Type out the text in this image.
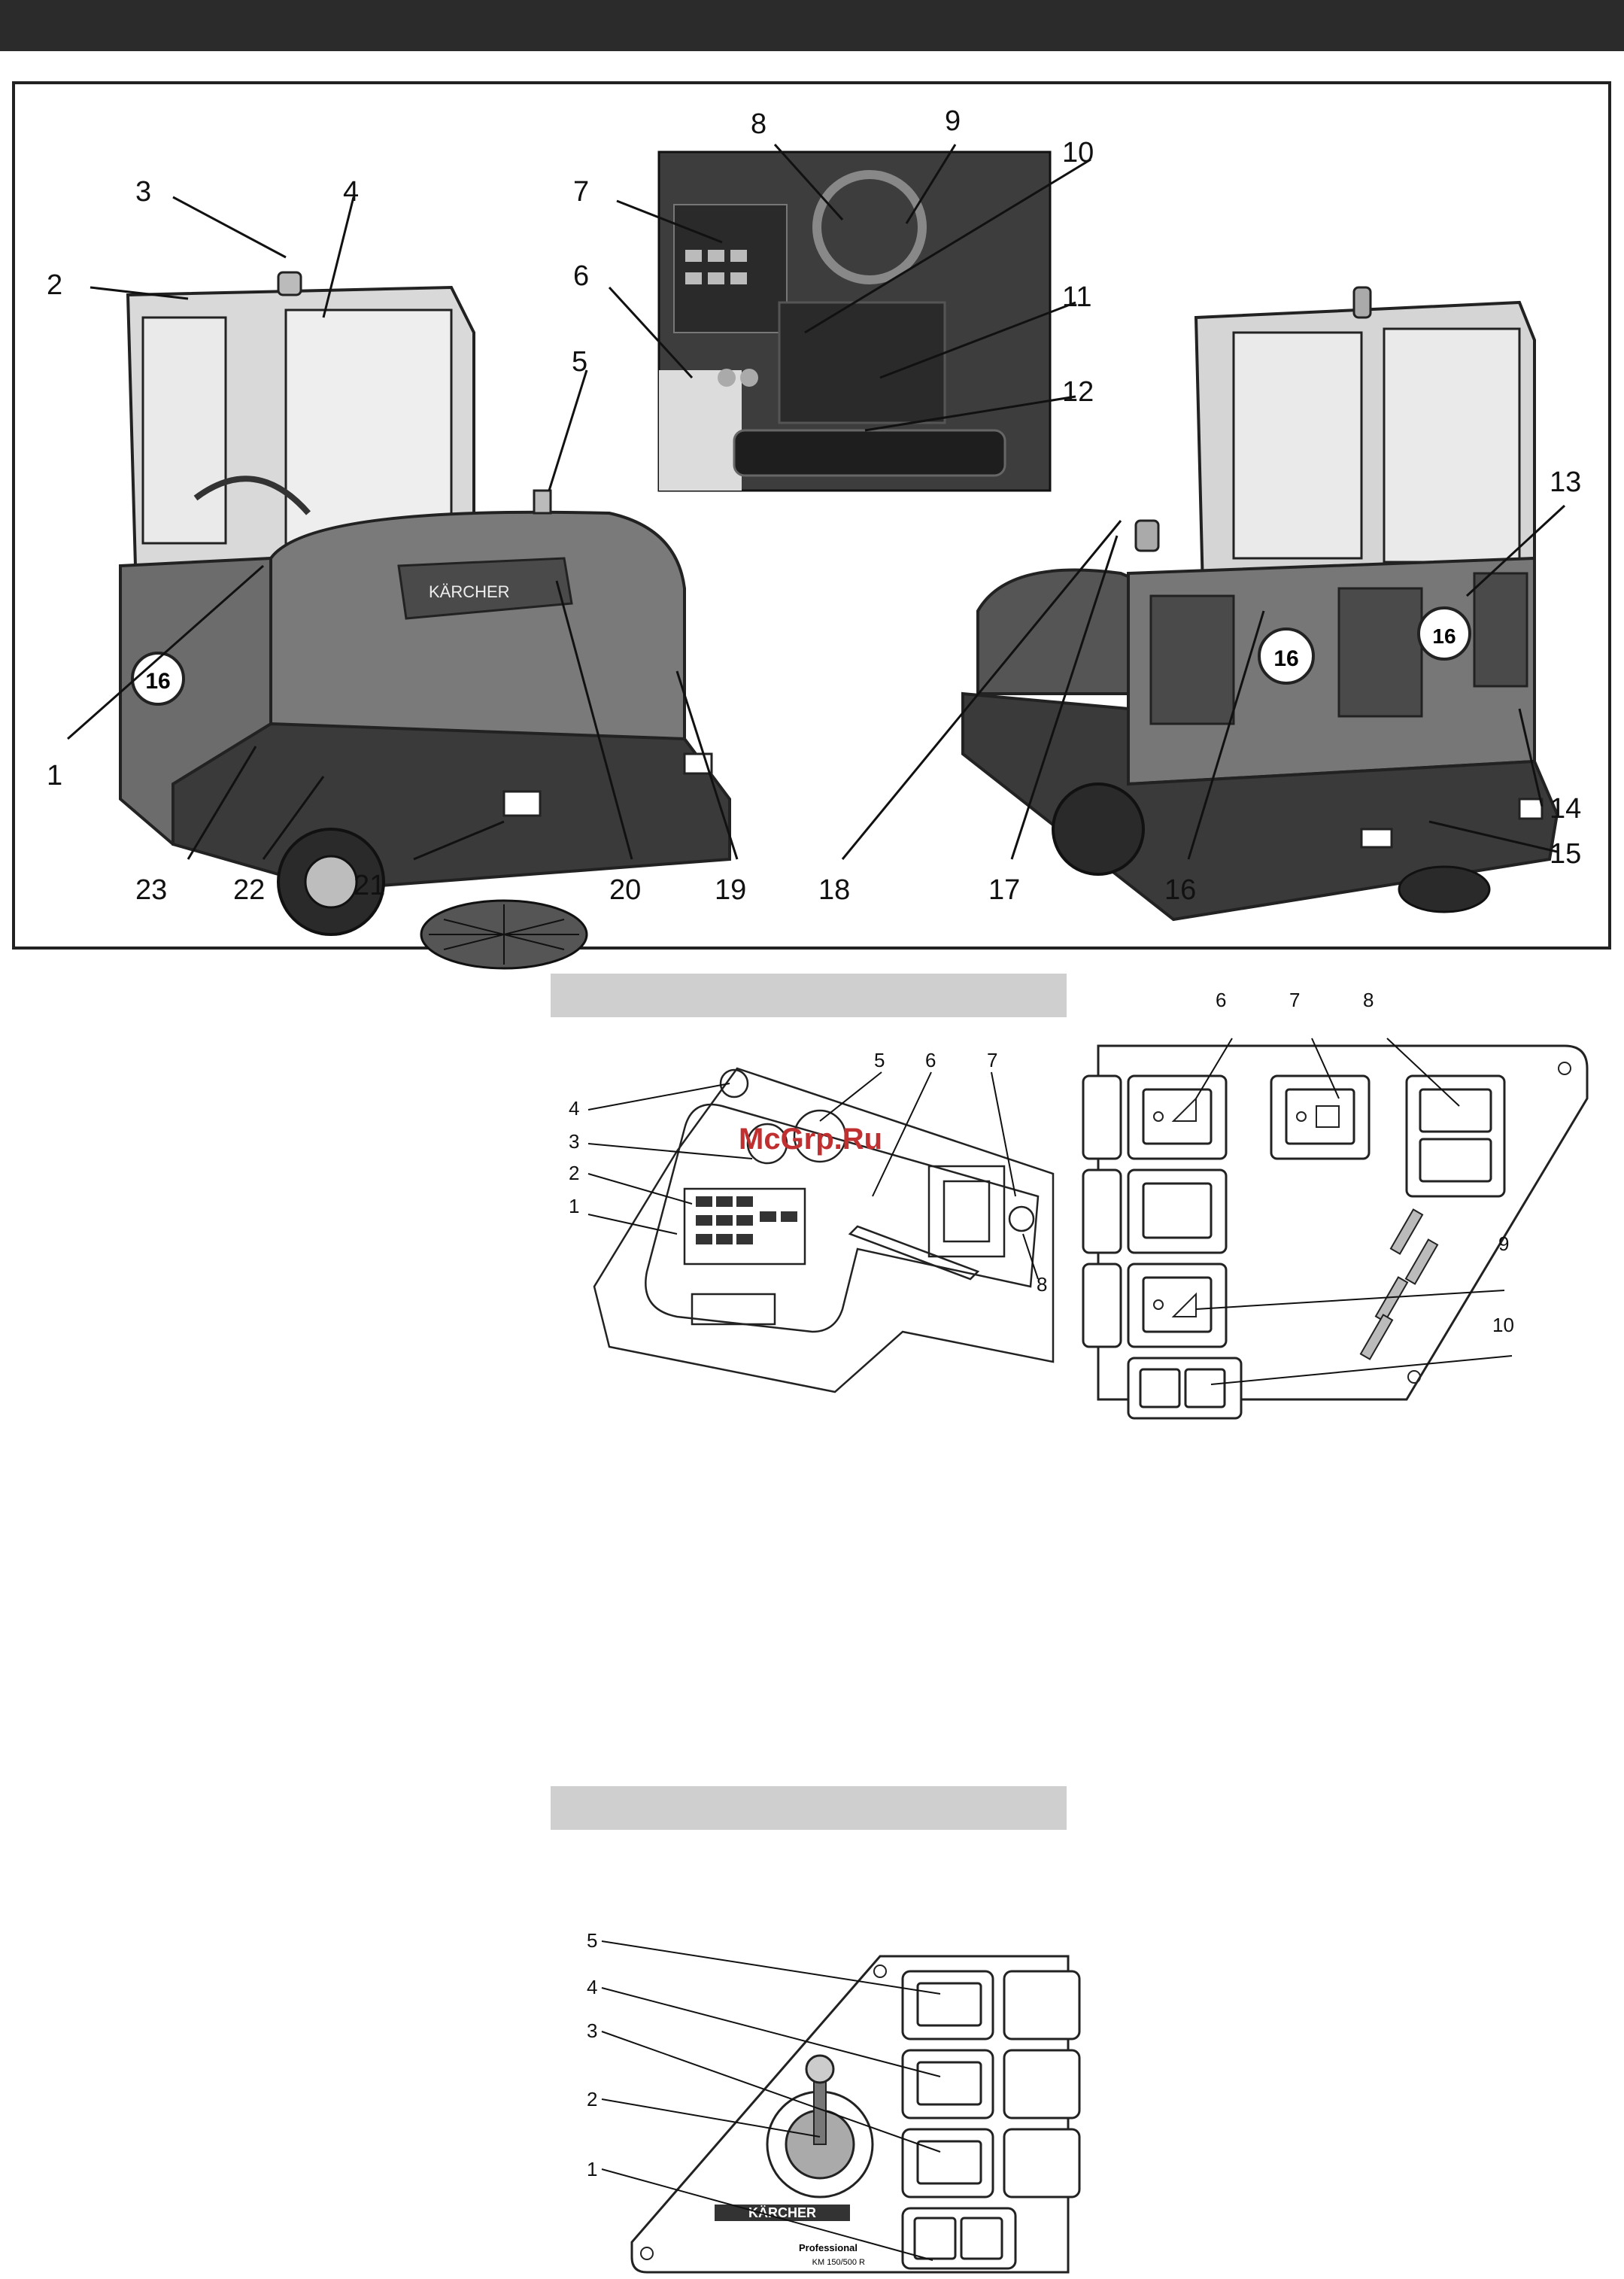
16
KÄRCHER
16
16
1
2
3	4
5
6
7
8	9
10
11
12
13
14
15
16
17
18
19
20
21
22
23
McGrp.Ru
1
2
3
4
5 6	7
8
6	7	8
9
10
KÄRCHER
Professional
KM 150/500 R
1
2
3
4
5
